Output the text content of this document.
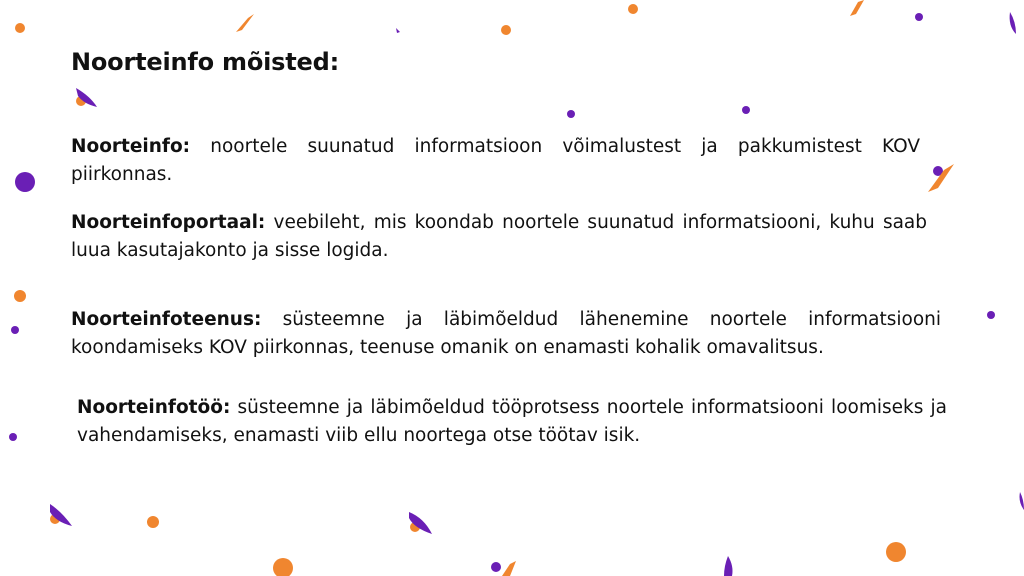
Noorteinfo mõisted:

Noorteinfo: noortele suunatud informatsioon võimalustest ja pakkumistest KOV piirkonnas.

Noorteinfoportaal: veebileht, mis koondab noortele suunatud informatsiooni, kuhu saab luua kasutajakonto ja sisse logida.

Noorteinfoteenus: süsteemne ja läbimõeldud lähenemine noortele informatsiooni koondamiseks KOV piirkonnas, teenuse omanik on enamasti kohalik omavalitsus.

Noorteinfotöö: süsteemne ja läbimõeldud tööprotsess noortele informatsiooni loomiseks ja vahendamiseks, enamasti viib ellu noortega otse töötav isik.
